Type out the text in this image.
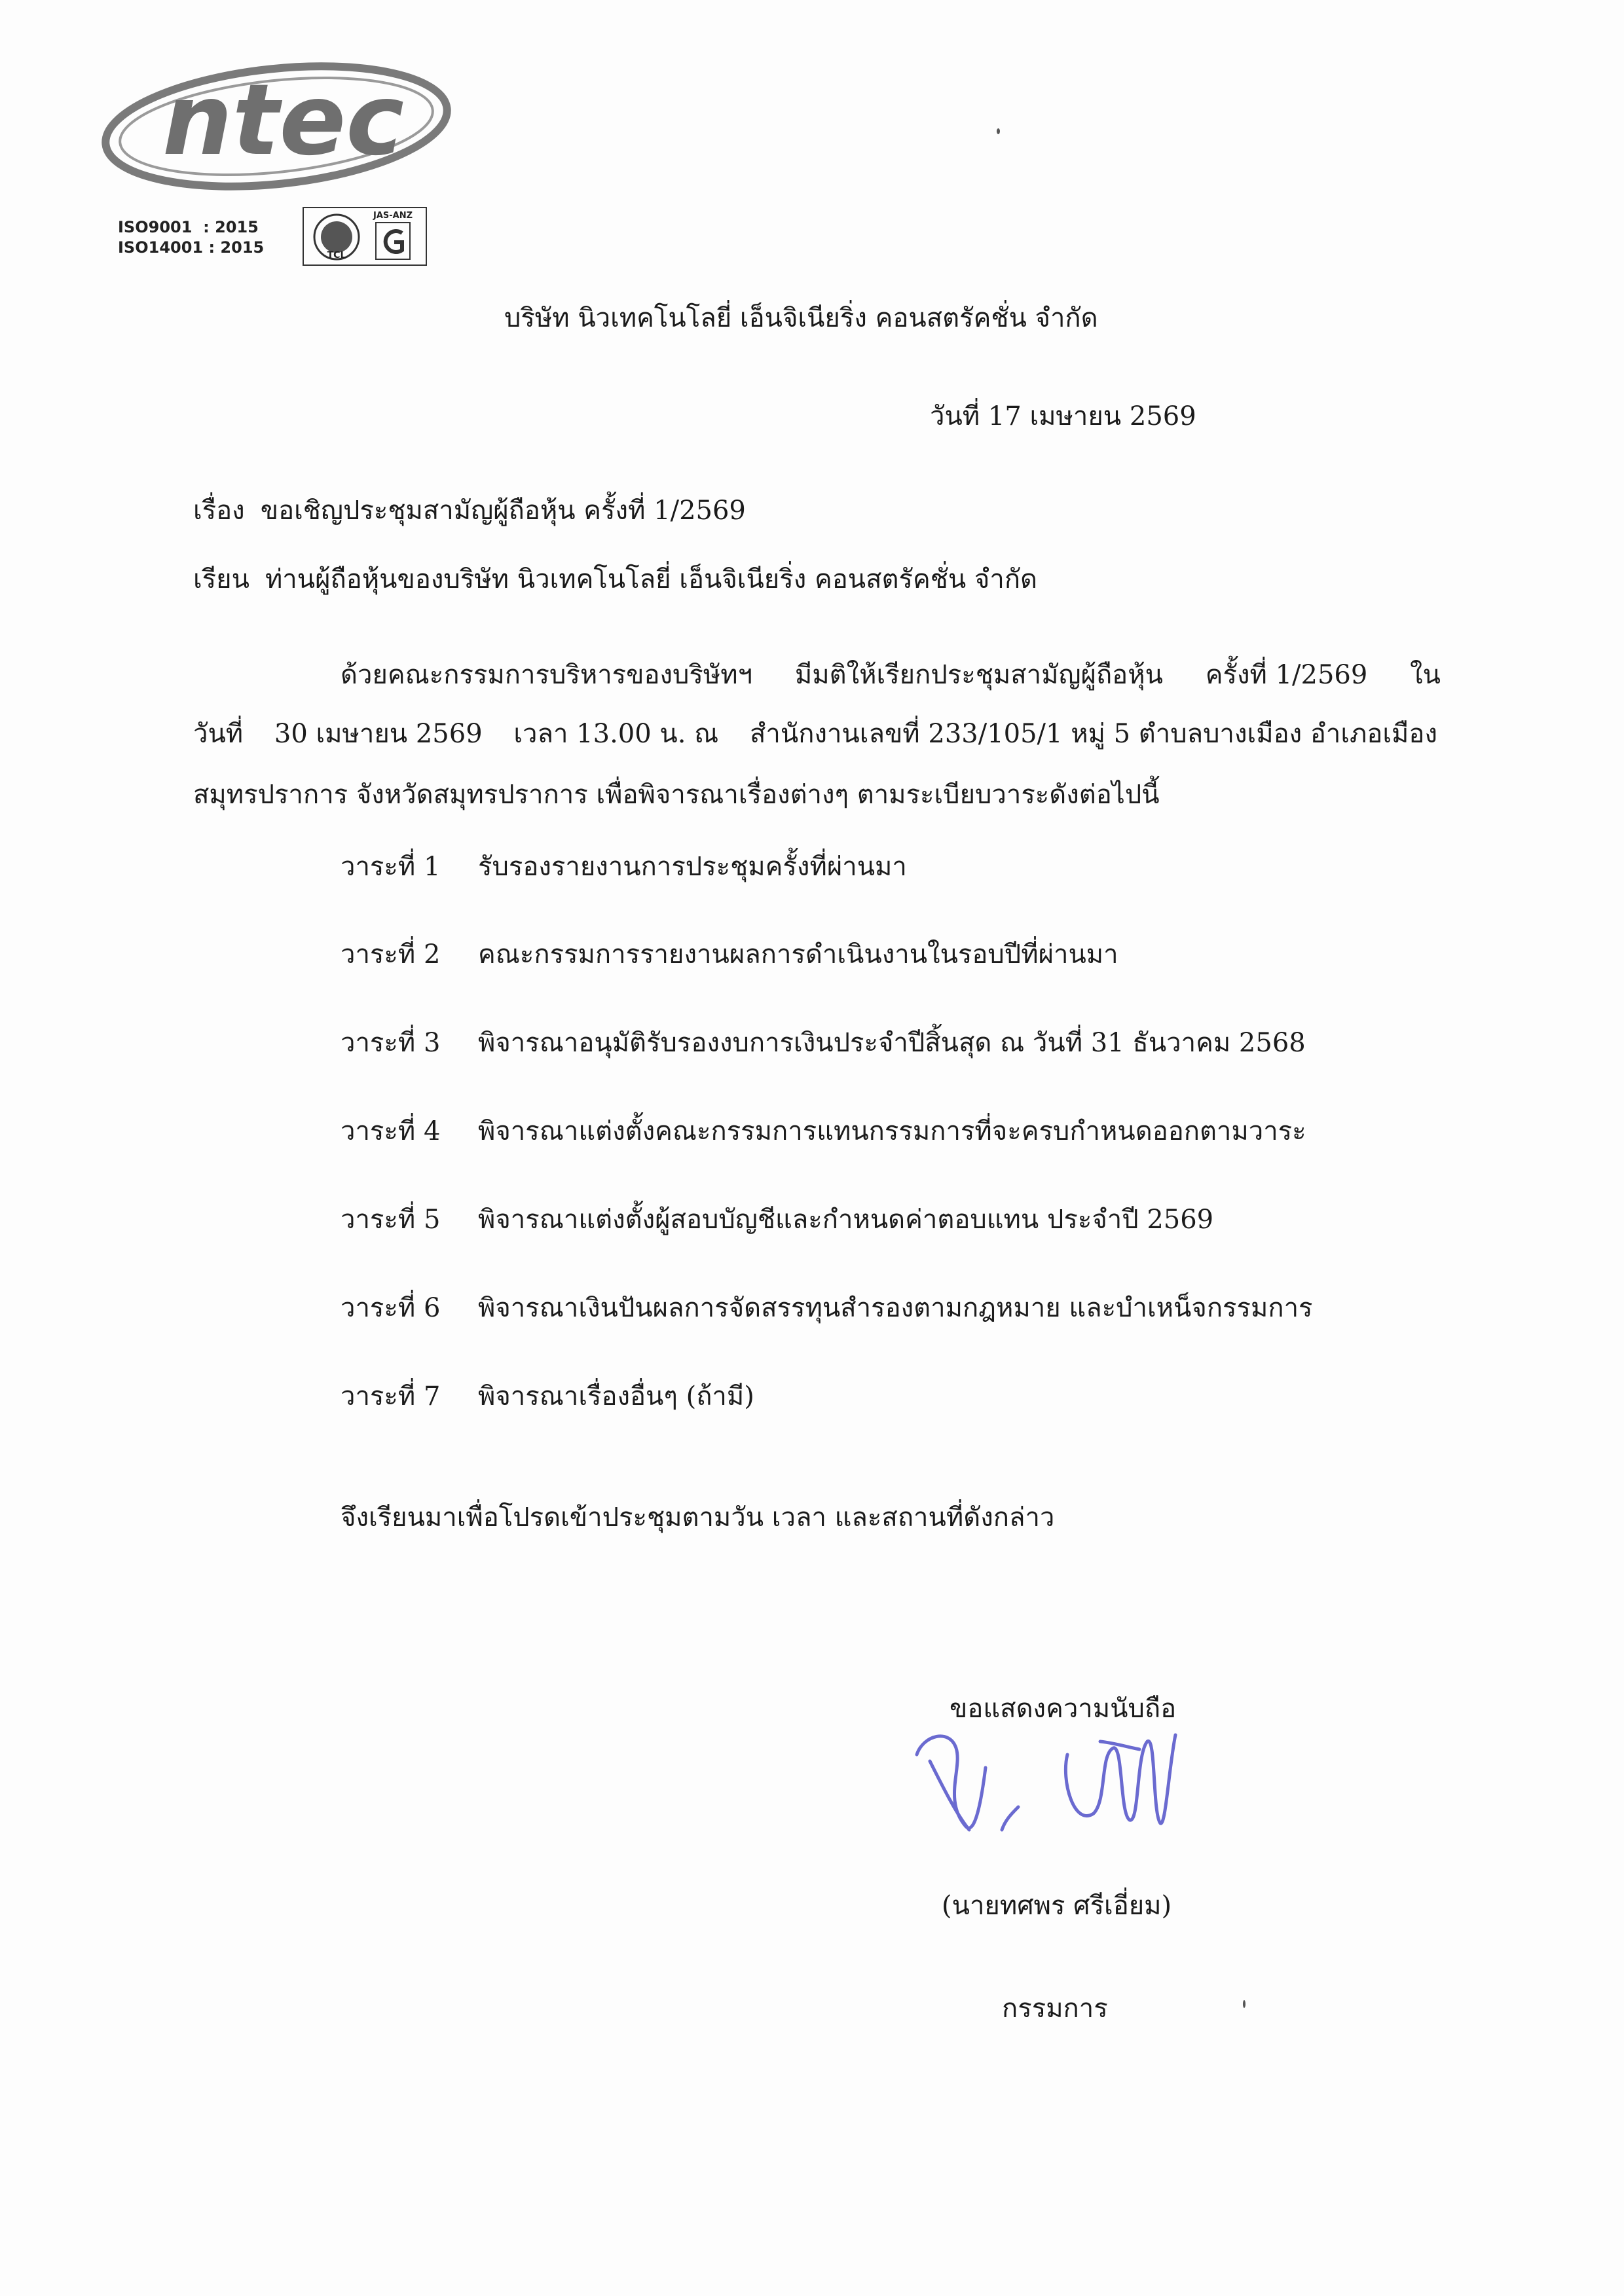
ntec
ISO9001  : 2015
ISO14001 : 2015	TCL
JAS-ANZ
บริษัท นิวเทคโนโลยี่ เอ็นจิเนียริ่ง คอนสตรัคชั่น จำกัด
วันที่ 17 เมษายน 2569
เรื่อง ขอเชิญประชุมสามัญผู้ถือหุ้น ครั้งที่ 1/2569
เรียน ท่านผู้ถือหุ้นของบริษัท นิวเทคโนโลยี่ เอ็นจิเนียริ่ง คอนสตรัคชั่น จำกัด
ด้วยคณะกรรมการบริหารของบริษัทฯ มีมติให้เรียกประชุมสามัญผู้ถือหุ้น ครั้งที่ 1/2569 ใน
วันที่ 30 เมษายน 2569 เวลา 13.00 น. ณ สำนักงานเลขที่ 233/105/1 หมู่ 5 ตำบลบางเมือง อำเภอเมือง
สมุทรปราการ จังหวัดสมุทรปราการ เพื่อพิจารณาเรื่องต่างๆ ตามระเบียบวาระดังต่อไปนี้
วาระที่ 1	รับรองรายงานการประชุมครั้งที่ผ่านมา
วาระที่ 2	คณะกรรมการรายงานผลการดำเนินงานในรอบปีที่ผ่านมา
วาระที่ 3	พิจารณาอนุมัติรับรองงบการเงินประจำปีสิ้นสุด ณ วันที่ 31 ธันวาคม 2568
วาระที่ 4	พิจารณาแต่งตั้งคณะกรรมการแทนกรรมการที่จะครบกำหนดออกตามวาระ
วาระที่ 5	พิจารณาแต่งตั้งผู้สอบบัญชีและกำหนดค่าตอบแทน ประจำปี 2569
วาระที่ 6	พิจารณาเงินปันผลการจัดสรรทุนสำรองตามกฎหมาย และบำเหน็จกรรมการ
วาระที่ 7	พิจารณาเรื่องอื่นๆ (ถ้ามี)
จึงเรียนมาเพื่อโปรดเข้าประชุมตามวัน เวลา และสถานที่ดังกล่าว
ขอแสดงความนับถือ
(นายทศพร ศรีเอี่ยม)
กรรมการ
